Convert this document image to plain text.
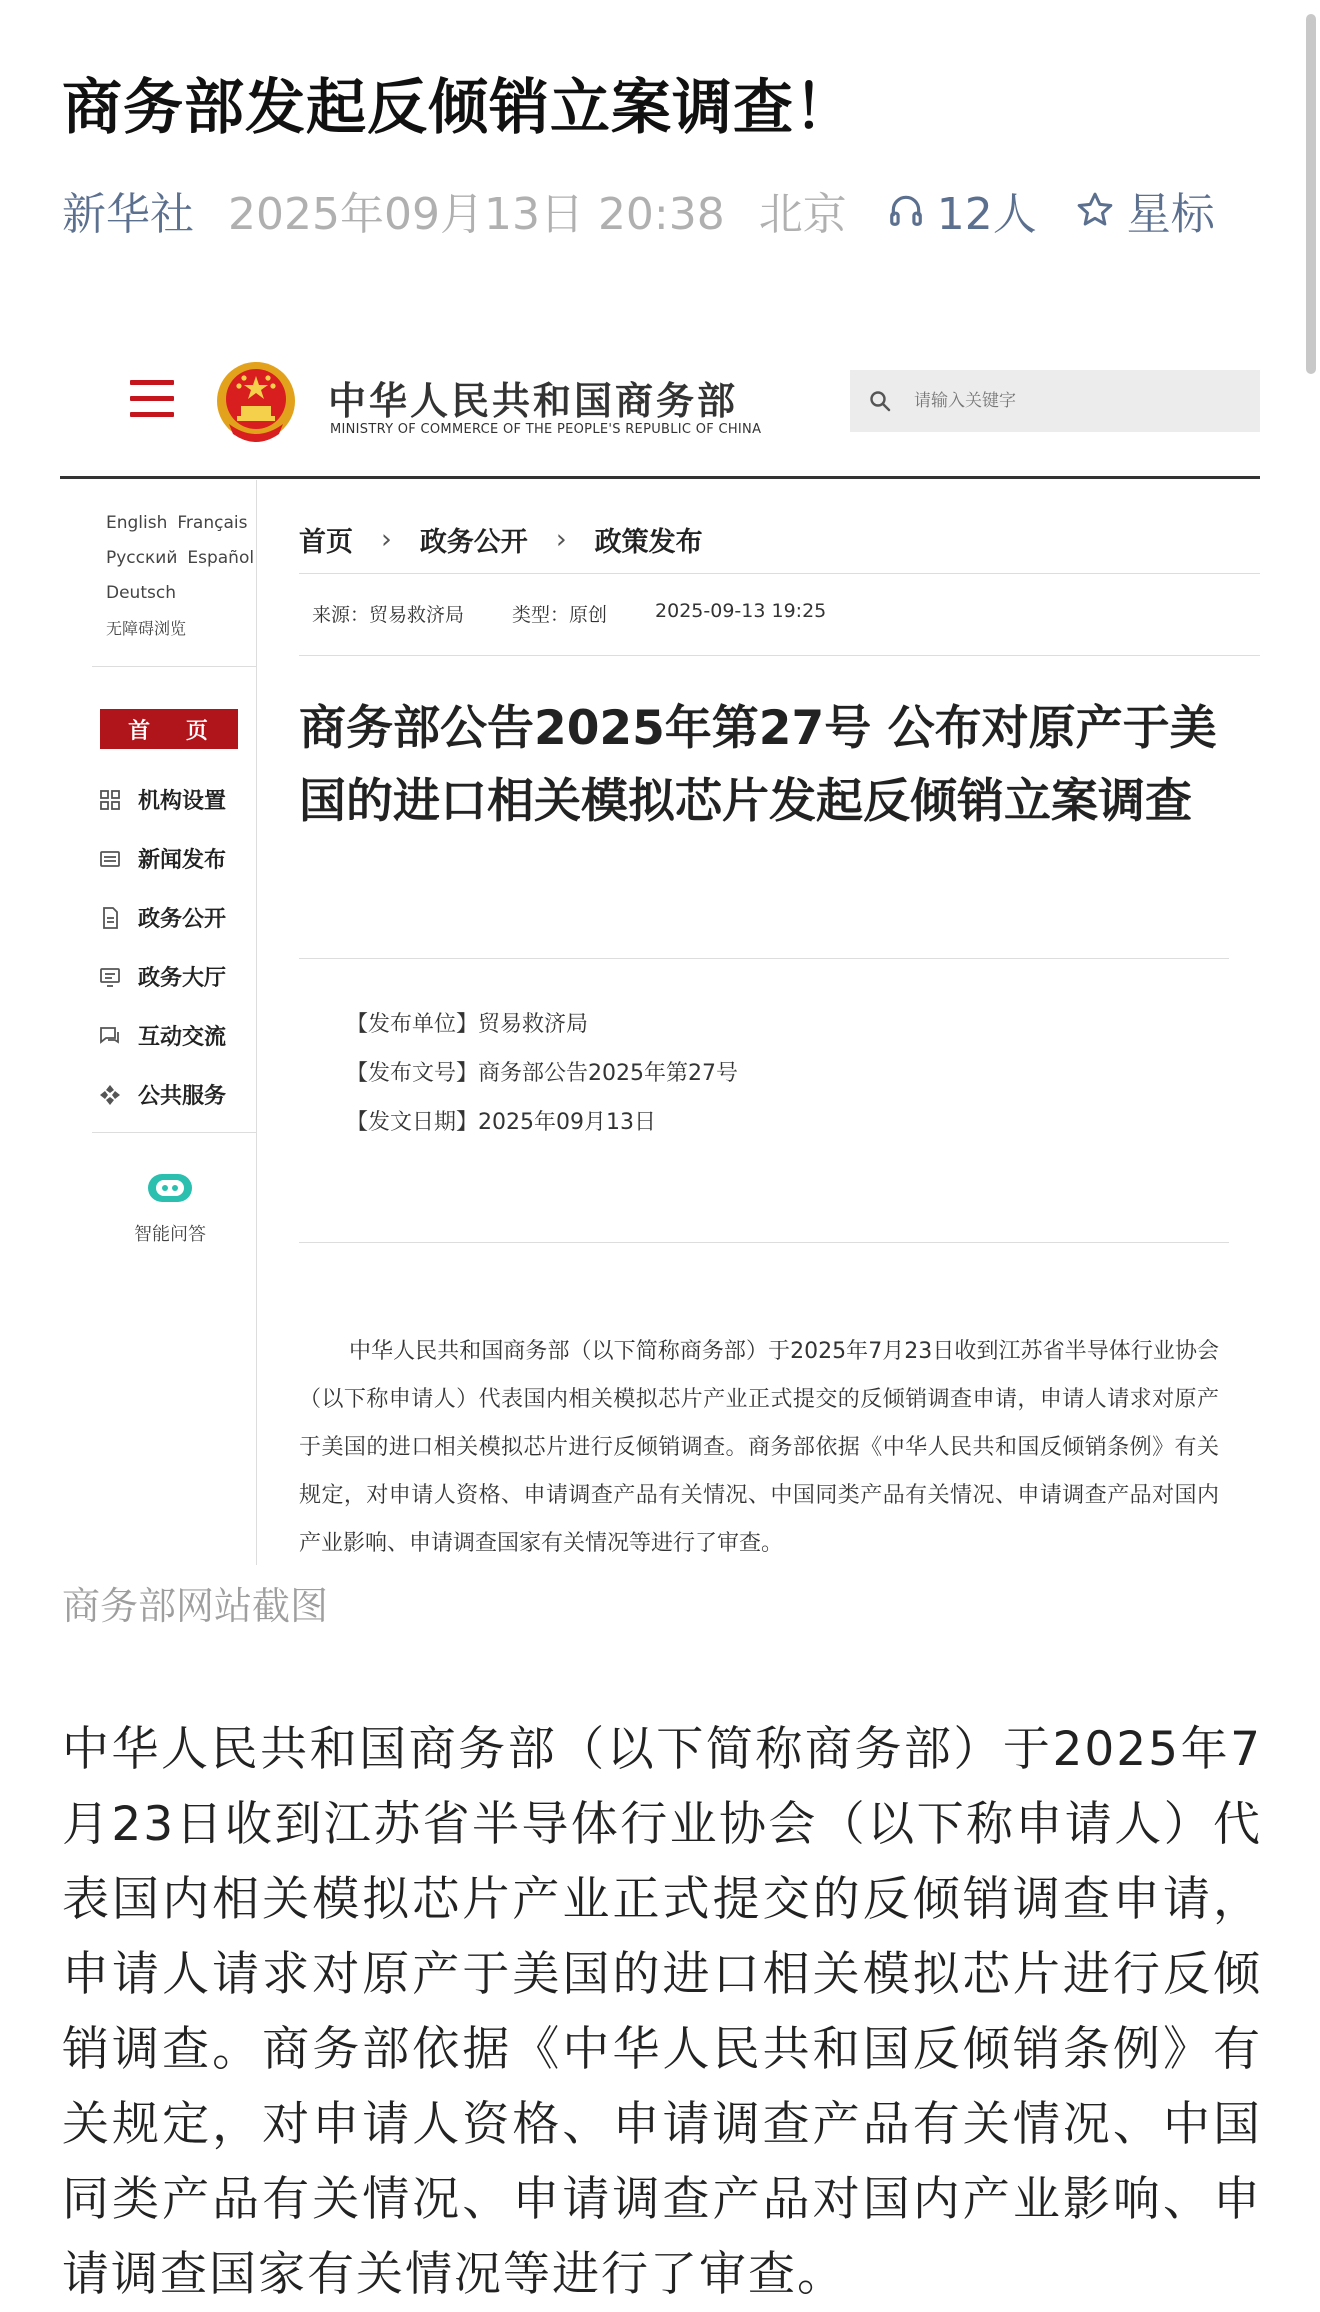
商务部发起反倾销立案调查！
新华社 2025年09月13日 20:38 北京 12人 星标
中华人民共和国商务部
MINISTRY OF COMMERCE OF THE PEOPLE'S REPUBLIC OF CHINA
请输入关键字
English Français
Русский Español
Deutsch
无障碍浏览
首 页
机构设置
新闻发布
政务公开
政务大厅
互动交流
公共服务
智能问答
首页 › 政务公开 › 政策发布
来源：贸易救济局	类型：原创	2025-09-13 19:25
商务部公告2025年第27号 公布对原产于美国的进口相关模拟芯片发起反倾销立案调查
【发布单位】贸易救济局
【发布文号】商务部公告2025年第27号
【发文日期】2025年09月13日

中华人民共和国商务部（以下简称商务部）于2025年7月23日收到江苏省半导体行业协会（以下称申请人）代表国内相关模拟芯片产业正式提交的反倾销调查申请，申请人请求对原产于美国的进口相关模拟芯片进行反倾销调查。商务部依据《中华人民共和国反倾销条例》有关规定，对申请人资格、申请调查产品有关情况、中国同类产品有关情况、申请调查产品对国内产业影响、申请调查国家有关情况等进行了审查。

商务部网站截图

中华人民共和国商务部（以下简称商务部）于2025年7月23日收到江苏省半导体行业协会（以下称申请人）代表国内相关模拟芯片产业正式提交的反倾销调查申请，申请人请求对原产于美国的进口相关模拟芯片进行反倾销调查。商务部依据《中华人民共和国反倾销条例》有关规定，对申请人资格、申请调查产品有关情况、中国同类产品有关情况、申请调查产品对国内产业影响、申请调查国家有关情况等进行了审查。
